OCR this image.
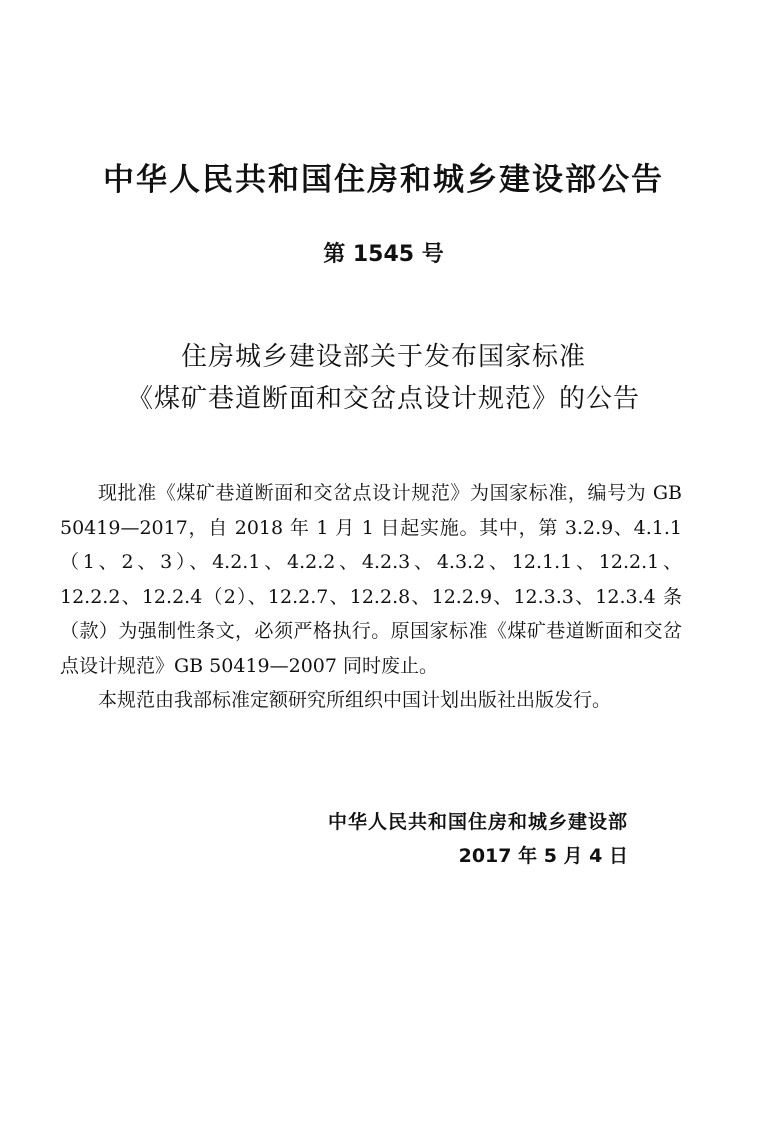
中华人民共和国住房和城乡建设部公告
第 1545 号
住房城乡建设部关于发布国家标准
《煤矿巷道断面和交岔点设计规范》的公告

现批准《煤矿巷道断面和交岔点设计规范》为国家标准，编号为 GB 50419—2017，自 2018 年 1 月 1 日起实施。其中，第 3.2.9、4.1.1（1、2、3）、4.2.1、4.2.2、4.2.3、4.3.2、12.1.1、12.2.1、12.2.2、12.2.4（2）、12.2.7、12.2.8、12.2.9、12.3.3、12.3.4 条（款）为强制性条文，必须严格执行。原国家标准《煤矿巷道断面和交岔点设计规范》GB 50419—2007 同时废止。

本规范由我部标准定额研究所组织中国计划出版社出版发行。

中华人民共和国住房和城乡建设部
2017 年 5 月 4 日
